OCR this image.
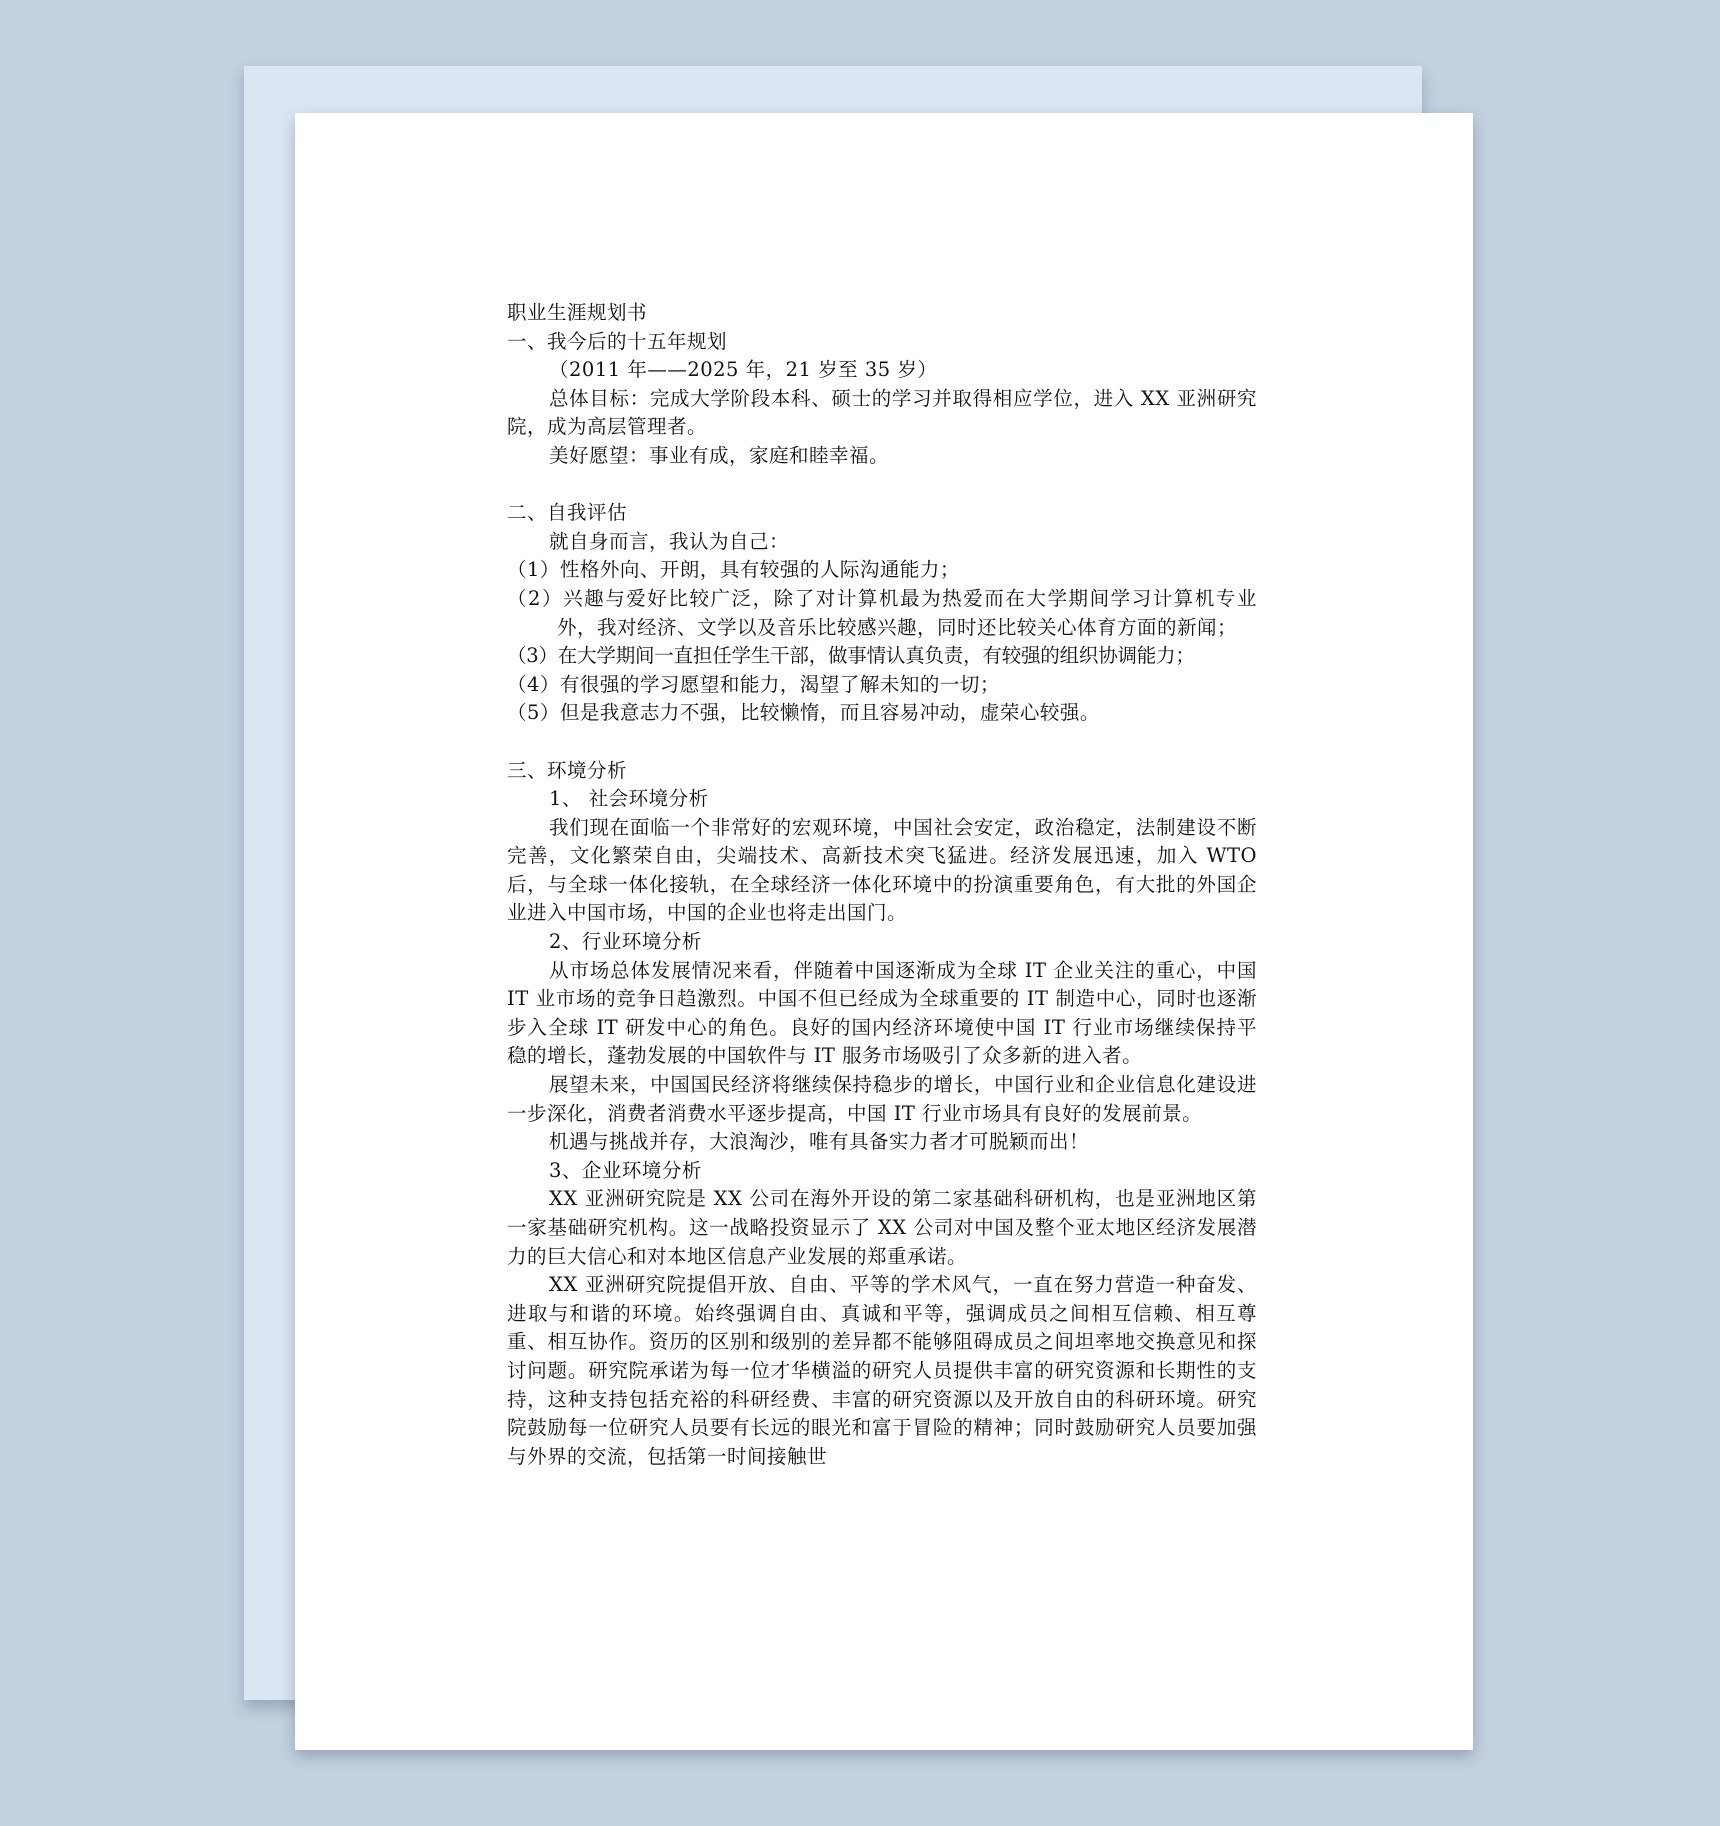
职业生涯规划书

一、我今后的十五年规划

（2011 年——2025 年，21 岁至 35 岁）

总体目标：完成大学阶段本科、硕士的学习并取得相应学位，进入 XX 亚洲研究院，成为高层管理者。

美好愿望：事业有成，家庭和睦幸福。

二、自我评估

就自身而言，我认为自己：

（1）性格外向、开朗，具有较强的人际沟通能力；

（2）兴趣与爱好比较广泛，除了对计算机最为热爱而在大学期间学习计算机专业外，我对经济、文学以及音乐比较感兴趣，同时还比较关心体育方面的新闻；

（3）在大学期间一直担任学生干部，做事情认真负责，有较强的组织协调能力；

（4）有很强的学习愿望和能力，渴望了解未知的一切；

（5）但是我意志力不强，比较懒惰，而且容易冲动，虚荣心较强。

三、环境分析

1、 社会环境分析

我们现在面临一个非常好的宏观环境，中国社会安定，政治稳定，法制建设不断完善，文化繁荣自由，尖端技术、高新技术突飞猛进。经济发展迅速，加入 WTO 后，与全球一体化接轨，在全球经济一体化环境中的扮演重要角色，有大批的外国企业进入中国市场，中国的企业也将走出国门。

2、行业环境分析

从市场总体发展情况来看，伴随着中国逐渐成为全球 IT 企业关注的重心，中国 IT 业市场的竞争日趋激烈。中国不但已经成为全球重要的 IT 制造中心，同时也逐渐步入全球 IT 研发中心的角色。良好的国内经济环境使中国 IT 行业市场继续保持平稳的增长，蓬勃发展的中国软件与 IT 服务市场吸引了众多新的进入者。

展望未来，中国国民经济将继续保持稳步的增长，中国行业和企业信息化建设进一步深化，消费者消费水平逐步提高，中国 IT 行业市场具有良好的发展前景。

机遇与挑战并存，大浪淘沙，唯有具备实力者才可脱颖而出！

3、企业环境分析

XX 亚洲研究院是 XX 公司在海外开设的第二家基础科研机构，也是亚洲地区第一家基础研究机构。这一战略投资显示了 XX 公司对中国及整个亚太地区经济发展潜力的巨大信心和对本地区信息产业发展的郑重承诺。

XX 亚洲研究院提倡开放、自由、平等的学术风气，一直在努力营造一种奋发、进取与和谐的环境。始终强调自由、真诚和平等，强调成员之间相互信赖、相互尊重、相互协作。资历的区别和级别的差异都不能够阻碍成员之间坦率地交换意见和探讨问题。研究院承诺为每一位才华横溢的研究人员提供丰富的研究资源和长期性的支持，这种支持包括充裕的科研经费、丰富的研究资源以及开放自由的科研环境。研究院鼓励每一位研究人员要有长远的眼光和富于冒险的精神；同时鼓励研究人员要加强与外界的交流，包括第一时间接触世
